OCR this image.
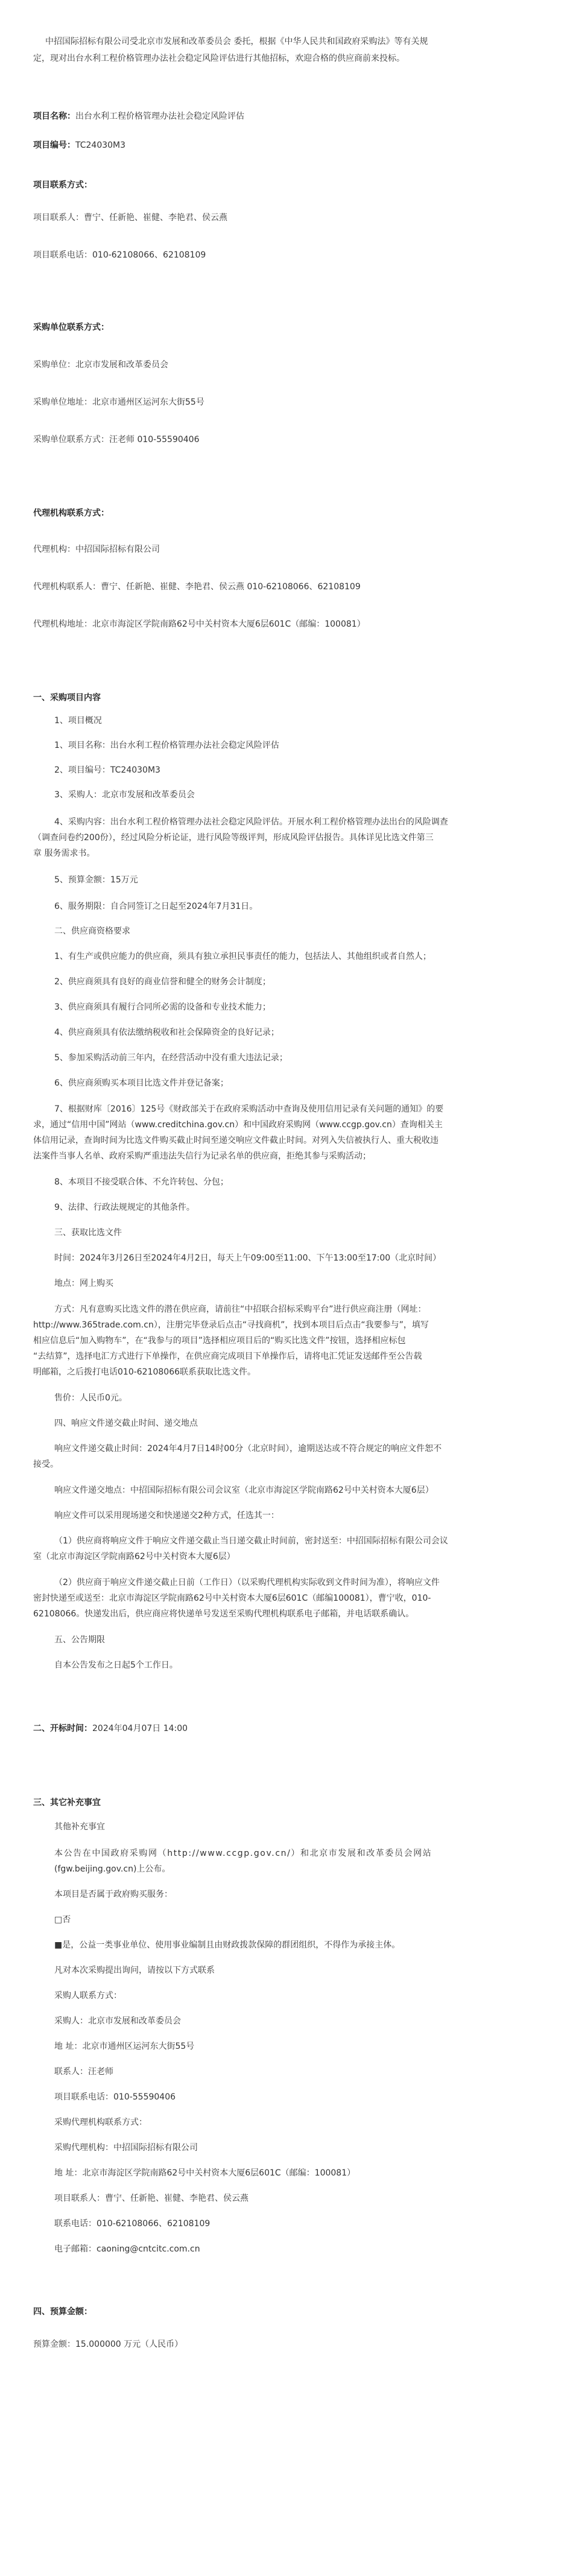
中招国际招标有限公司受北京市发展和改革委员会 委托，根据《中华人民共和国政府采购法》等有关规
定，现对出台水利工程价格管理办法社会稳定风险评估进行其他招标，欢迎合格的供应商前来投标。
项目名称：出台水利工程价格管理办法社会稳定风险评估
项目编号：TC24030M3
项目联系方式：
项目联系人：曹宁、任新艳、崔健、李艳君、侯云燕
项目联系电话：010-62108066、62108109
采购单位联系方式：
采购单位：北京市发展和改革委员会
采购单位地址：北京市通州区运河东大街55号
采购单位联系方式：汪老师 010-55590406
代理机构联系方式：
代理机构：中招国际招标有限公司
代理机构联系人：曹宁、任新艳、崔健、李艳君、侯云燕 010-62108066、62108109
代理机构地址：北京市海淀区学院南路62号中关村资本大厦6层601C（邮编：100081）
一、采购项目内容
1、项目概况
1、项目名称：出台水利工程价格管理办法社会稳定风险评估
2、项目编号：TC24030M3
3、采购人：北京市发展和改革委员会
4、采购内容：出台水利工程价格管理办法社会稳定风险评估。开展水利工程价格管理办法出台的风险调查
（调查问卷约200份），经过风险分析论证，进行风险等级评判，形成风险评估报告。具体详见比选文件第三
章 服务需求书。
5、预算金额：15万元
6、服务期限：自合同签订之日起至2024年7月31日。
二、供应商资格要求
1、有生产或供应能力的供应商，须具有独立承担民事责任的能力，包括法人、其他组织或者自然人；
2、供应商须具有良好的商业信誉和健全的财务会计制度；
3、供应商须具有履行合同所必需的设备和专业技术能力；
4、供应商须具有依法缴纳税收和社会保障资金的良好记录；
5、参加采购活动前三年内，在经营活动中没有重大违法记录；
6、供应商须购买本项目比选文件并登记备案；
7、根据财库〔2016〕125号《财政部关于在政府采购活动中查询及使用信用记录有关问题的通知》的要
求，通过“信用中国”网站（www.creditchina.gov.cn）和中国政府采购网（www.ccgp.gov.cn）查询相关主
体信用记录，查询时间为比选文件购买截止时间至递交响应文件截止时间。对列入失信被执行人、重大税收违
法案件当事人名单、政府采购严重违法失信行为记录名单的供应商，拒绝其参与采购活动；
8、本项目不接受联合体、不允许转包、分包；
9、法律、行政法规规定的其他条件。
三、获取比选文件
时间：2024年3月26日至2024年4月2日，每天上午09:00至11:00、下午13:00至17:00（北京时间）
地点：网上购买
方式：凡有意购买比选文件的潜在供应商，请前往“中招联合招标采购平台”进行供应商注册（网址：
http://www.365trade.com.cn），注册完毕登录后点击“寻找商机”，找到本项目后点击“我要参与”，填写
相应信息后“加入购物车”，在“我参与的项目”选择相应项目后的“购买比选文件”按钮，选择相应标包
“去结算”，选择电汇方式进行下单操作，在供应商完成项目下单操作后，请将电汇凭证发送邮件至公告载
明邮箱，之后拨打电话010-62108066联系获取比选文件。
售价：人民币0元。
四、响应文件递交截止时间、递交地点
响应文件递交截止时间：2024年4月7日14时00分（北京时间），逾期送达或不符合规定的响应文件恕不
接受。
响应文件递交地点：中招国际招标有限公司会议室（北京市海淀区学院南路62号中关村资本大厦6层）
响应文件可以采用现场递交和快递递交2种方式，任选其一：
（1）供应商将响应文件于响应文件递交截止当日递交截止时间前，密封送至：中招国际招标有限公司会议
室（北京市海淀区学院南路62号中关村资本大厦6层）
（2）供应商于响应文件递交截止日前（工作日）（以采购代理机构实际收到文件时间为准），将响应文件
密封快递至或送至：北京市海淀区学院南路62号中关村资本大厦6层601C（邮编100081），曹宁收，010-
62108066。快递发出后，供应商应将快递单号发送至采购代理机构联系电子邮箱，并电话联系确认。
五、公告期限
自本公告发布之日起5个工作日。
二、开标时间：2024年04月07日 14:00
三、其它补充事宜
其他补充事宜
本公告在中国政府采购网（http://www.ccgp.gov.cn/）和北京市发展和改革委员会网站
(fgw.beijing.gov.cn)上公布。
本项目是否属于政府购买服务：
□否
■是，公益一类事业单位、使用事业编制且由财政拨款保障的群团组织，不得作为承接主体。
凡对本次采购提出询问，请按以下方式联系
采购人联系方式：
采购人：北京市发展和改革委员会
地 址：北京市通州区运河东大街55号
联系人：汪老师
项目联系电话：010-55590406
采购代理机构联系方式：
采购代理机构：中招国际招标有限公司
地 址：北京市海淀区学院南路62号中关村资本大厦6层601C（邮编：100081）
项目联系人：曹宁、任新艳、崔健、李艳君、侯云燕
联系电话：010-62108066、62108109
电子邮箱：caoning@cntcitc.com.cn
四、预算金额：
预算金额：15.000000 万元（人民币）
